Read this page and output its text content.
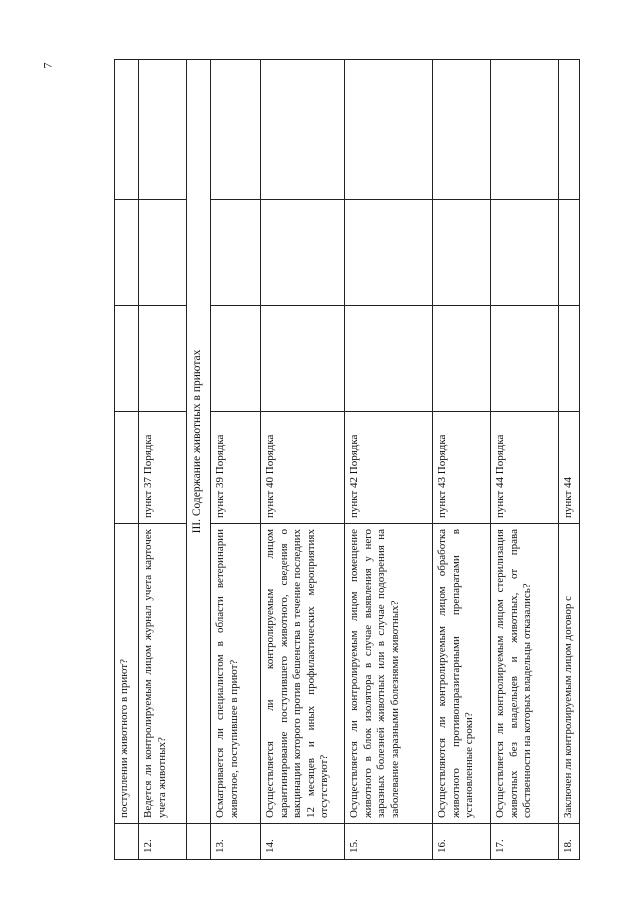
7
	поступлении животного в приют?				
12.	Ведется ли контролируемым лицом журнал учета карточек учета животных?	пункт 37 Порядка			
	III. Содержание животных в приютах				
13.	Осматривается ли специалистом в области ветеринарии животное, поступившее в приют?	пункт 39 Порядка			
14.	Осуществляется ли контролируемым лицом карантинирование поступившего животного, сведения о вакцинации которого против бешенства в течение последних 12 месяцев и иных профилактических мероприятиях отсутствуют?	пункт 40 Порядка			
15.	Осуществляется ли контролируемым лицом помещение животного в блок изолятора в случае выявления у него заразных болезней животных или в случае подозрения на заболевание заразными болезнями животных?	пункт 42 Порядка			
16.	Осуществляются ли контролируемым лицом обработка животного противопаразитарными препаратами в установленные сроки?	пункт 43 Порядка			
17.	Осуществляется ли контролируемым лицом стерилизация животных без владельцев и животных, от права собственности на которых владельцы отказались?	пункт 44 Порядка			
18.	Заключен ли контролируемым лицом договор с	пункт 44			
